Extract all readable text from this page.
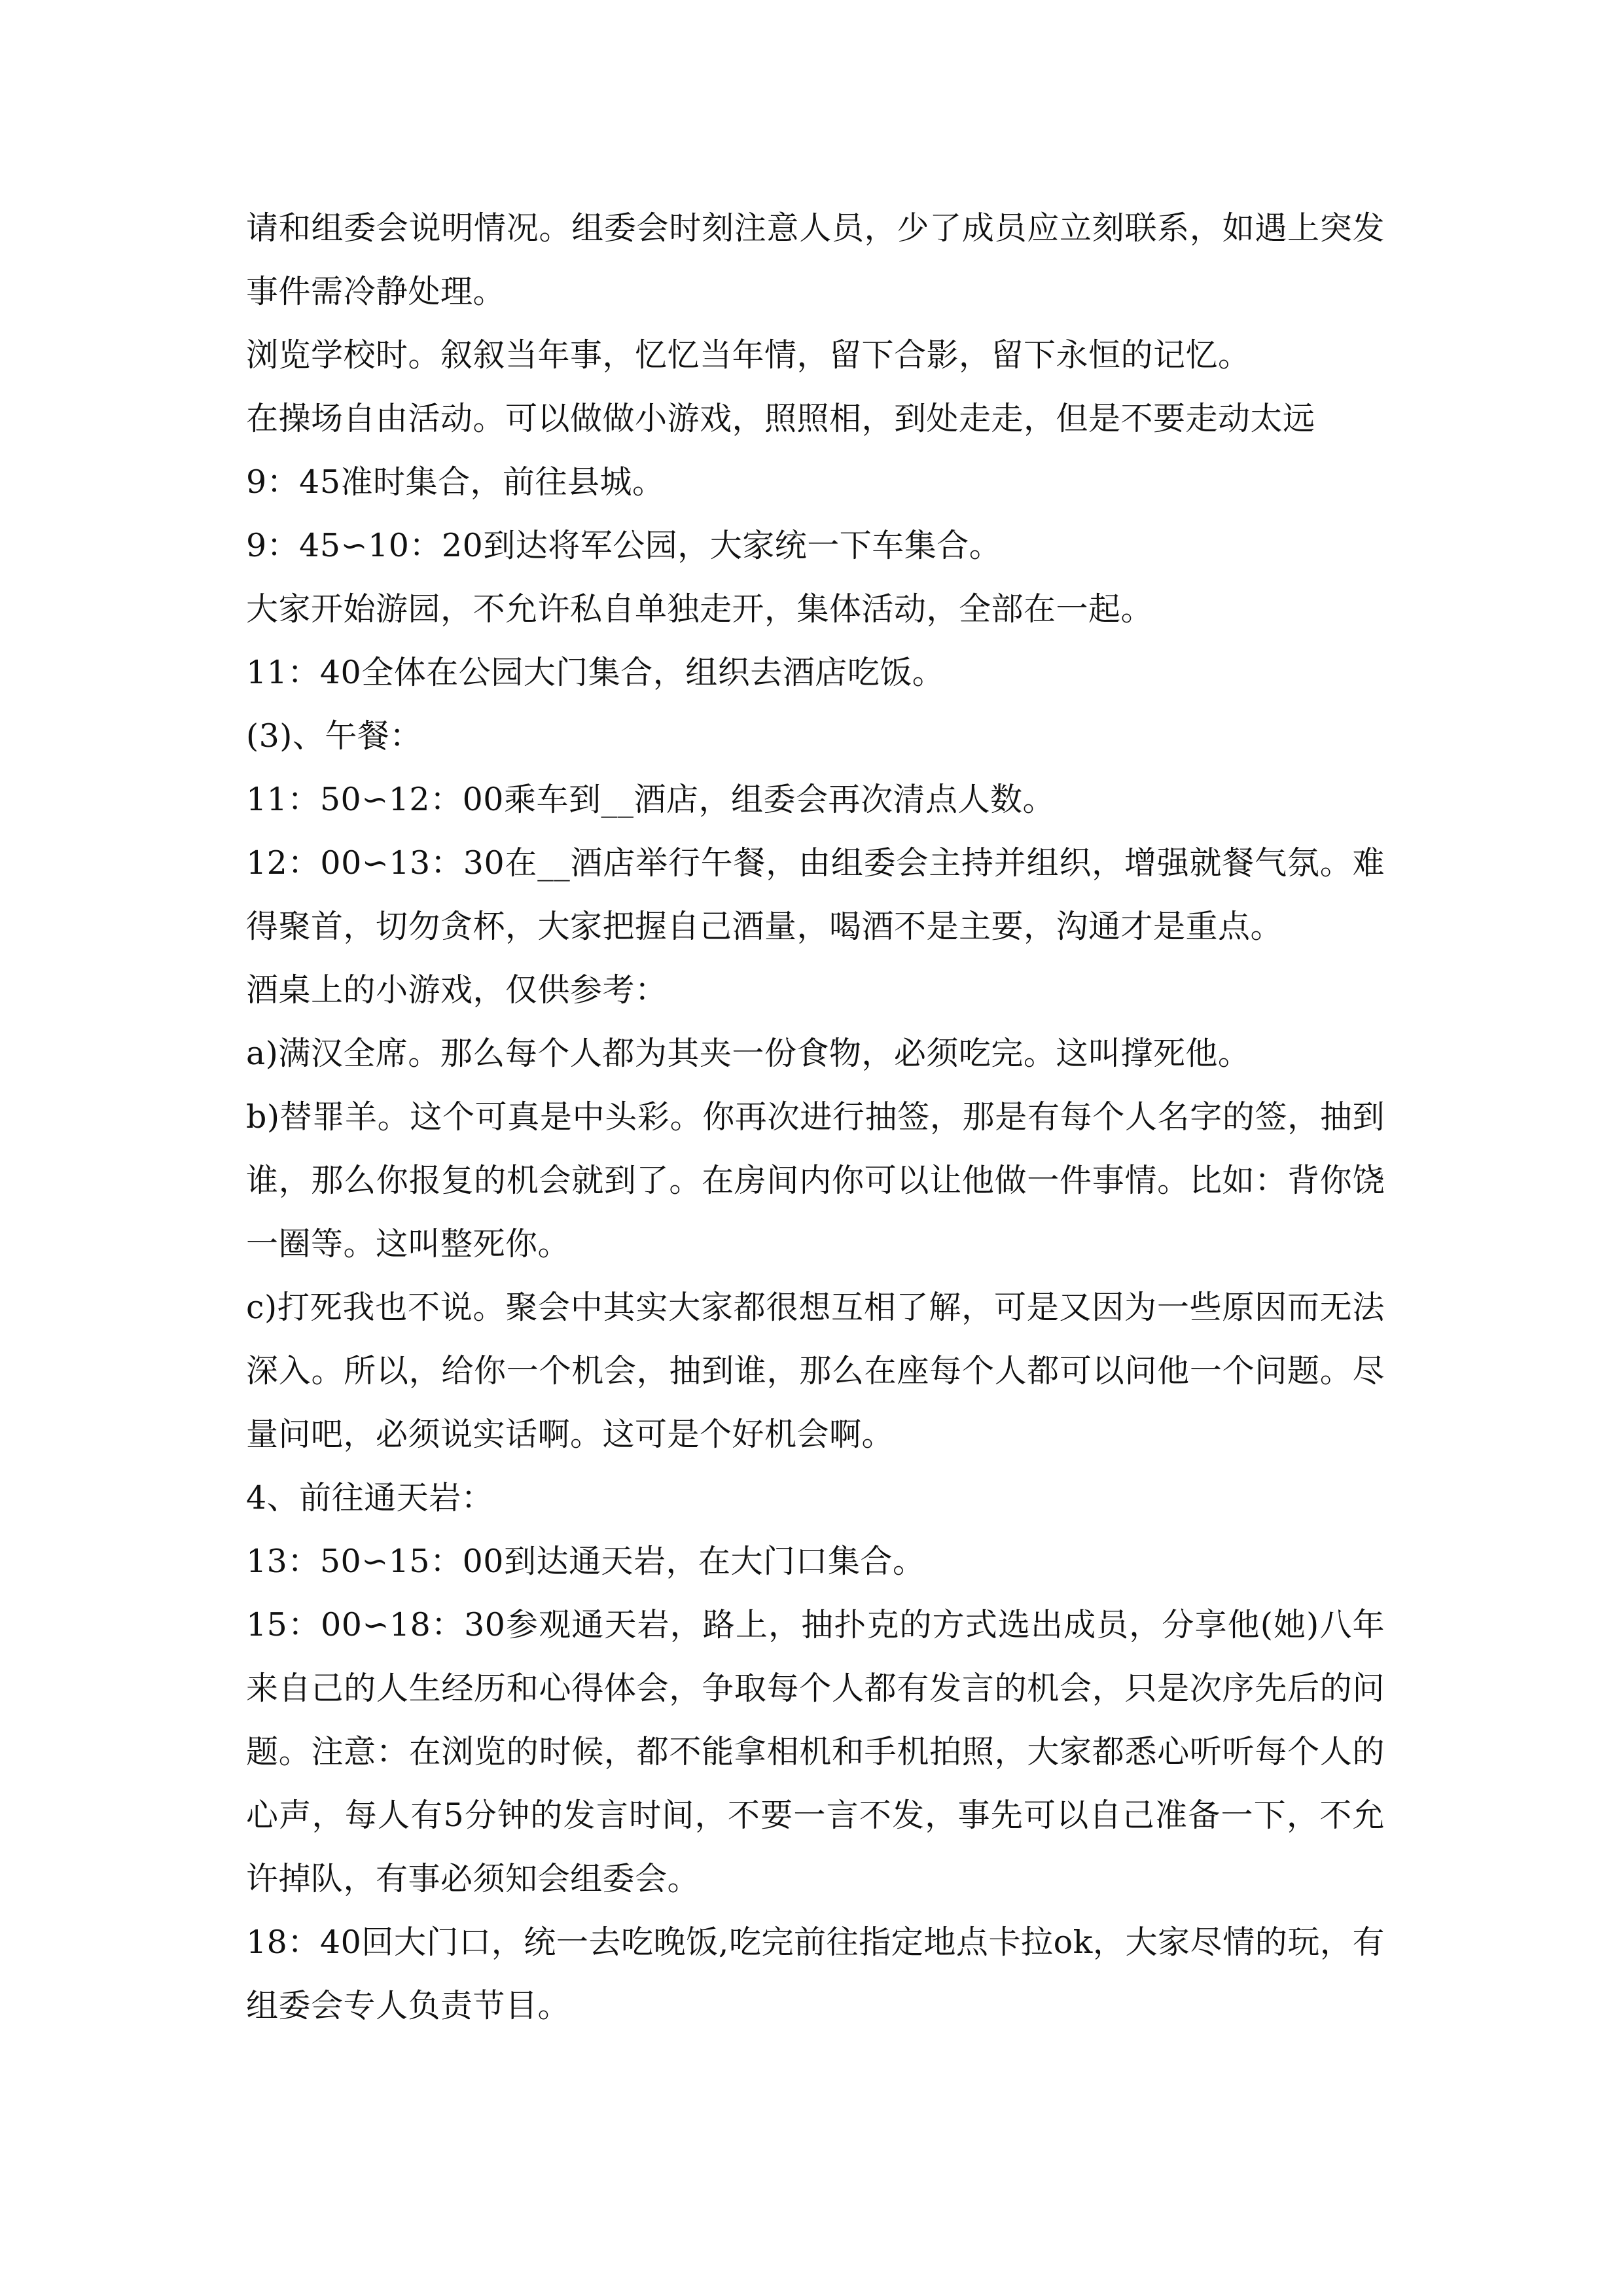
请和组委会说明情况。组委会时刻注意人员，少了成员应立刻联系，如遇上突发事件需冷静处理。

浏览学校时。叙叙当年事，忆忆当年情，留下合影，留下永恒的记忆。

在操场自由活动。可以做做小游戏，照照相，到处走走，但是不要走动太远

9：45准时集合，前往县城。

9：45∽10：20到达将军公园，大家统一下车集合。

大家开始游园，不允许私自单独走开，集体活动，全部在一起。

11：40全体在公园大门集合，组织去酒店吃饭。

(3)、午餐：

11：50∽12：00乘车到__酒店，组委会再次清点人数。

12：00∽13：30在__酒店举行午餐，由组委会主持并组织，增强就餐气氛。难得聚首，切勿贪杯，大家把握自己酒量，喝酒不是主要，沟通才是重点。

酒桌上的小游戏，仅供参考：

a)满汉全席。那么每个人都为其夹一份食物，必须吃完。这叫撑死他。

b)替罪羊。这个可真是中头彩。你再次进行抽签，那是有每个人名字的签，抽到谁，那么你报复的机会就到了。在房间内你可以让他做一件事情。比如：背你饶一圈等。这叫整死你。

c)打死我也不说。聚会中其实大家都很想互相了解，可是又因为一些原因而无法深入。所以，给你一个机会，抽到谁，那么在座每个人都可以问他一个问题。尽量问吧，必须说实话啊。这可是个好机会啊。

4、前往通天岩：

13：50∽15：00到达通天岩，在大门口集合。

15：00∽18：30参观通天岩，路上，抽扑克的方式选出成员，分享他(她)八年来自己的人生经历和心得体会，争取每个人都有发言的机会，只是次序先后的问题。注意：在浏览的时候，都不能拿相机和手机拍照，大家都悉心听听每个人的心声，每人有5分钟的发言时间，不要一言不发，事先可以自己准备一下，不允许掉队，有事必须知会组委会。

18：40回大门口，统一去吃晚饭,吃完前往指定地点卡拉ok，大家尽情的玩，有组委会专人负责节目。
